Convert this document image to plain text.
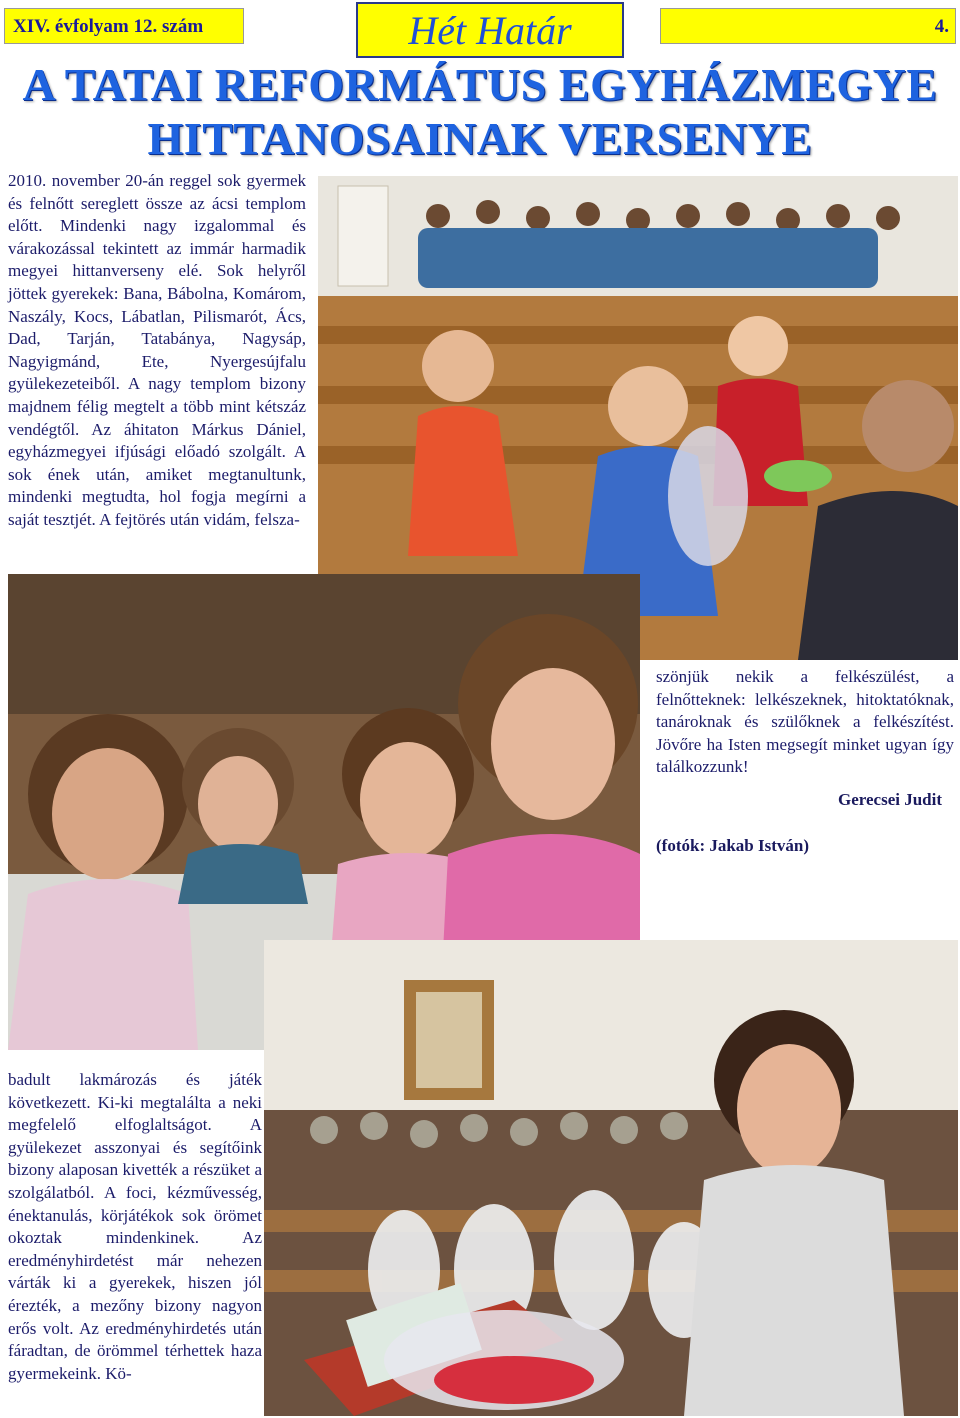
XIV. évfolyam 12. szám	Hét Határ	4.
A TATAI REFORMÁTUS EGYHÁZMEGYE
HITTANOSAINAK VERSENYE
2010. november 20-án reggel sok gyermek és felnőtt sereglett össze az ácsi templom előtt. Mindenki nagy izgalommal és várakozással tekintett az immár harmadik megyei hittanverseny elé. Sok helyről jöttek gyerekek: Bana, Bábolna, Komárom, Naszály, Kocs, Lábatlan, Pilismarót, Ács, Dad, Tarján, Tatabánya, Nagysáp, Nagyigmánd, Ete, Nyergesújfalu gyülekezeteiből. A nagy templom bizony majdnem félig megtelt a több mint kétszáz vendégtől. Az áhitaton Márkus Dániel, egyházmegyei ifjúsági előadó szolgált. A sok ének után, amiket megtanultunk, mindenki megtudta, hol fogja megírni a saját tesztjét. A fejtörés után vidám, felsza-
szönjük nekik a felkészülést, a felnőtteknek: lelkészeknek, hitoktatóknak, tanároknak és szülőknek a felkészítést. Jövőre ha Isten megsegít minket ugyan így találkozzunk!
badult lakmározás és játék következett. Ki-ki megtalálta a neki megfelelő elfoglaltságot. A gyülekezet asszonyai és segítőink bizony alaposan kivették a részüket a szolgálatból. A foci, kézművesség, énektanulás, körjátékok sok örömet okoztak mindenkinek. Az eredményhirdetést már nehezen várták ki a gyerekek, hiszen jól érezték, a mezőny bizony nagyon erős volt. Az eredményhirdetés után fáradtan, de örömmel térhettek haza gyermekeink. Kö-
Gerecsei Judit
(fotók: Jakab István)
